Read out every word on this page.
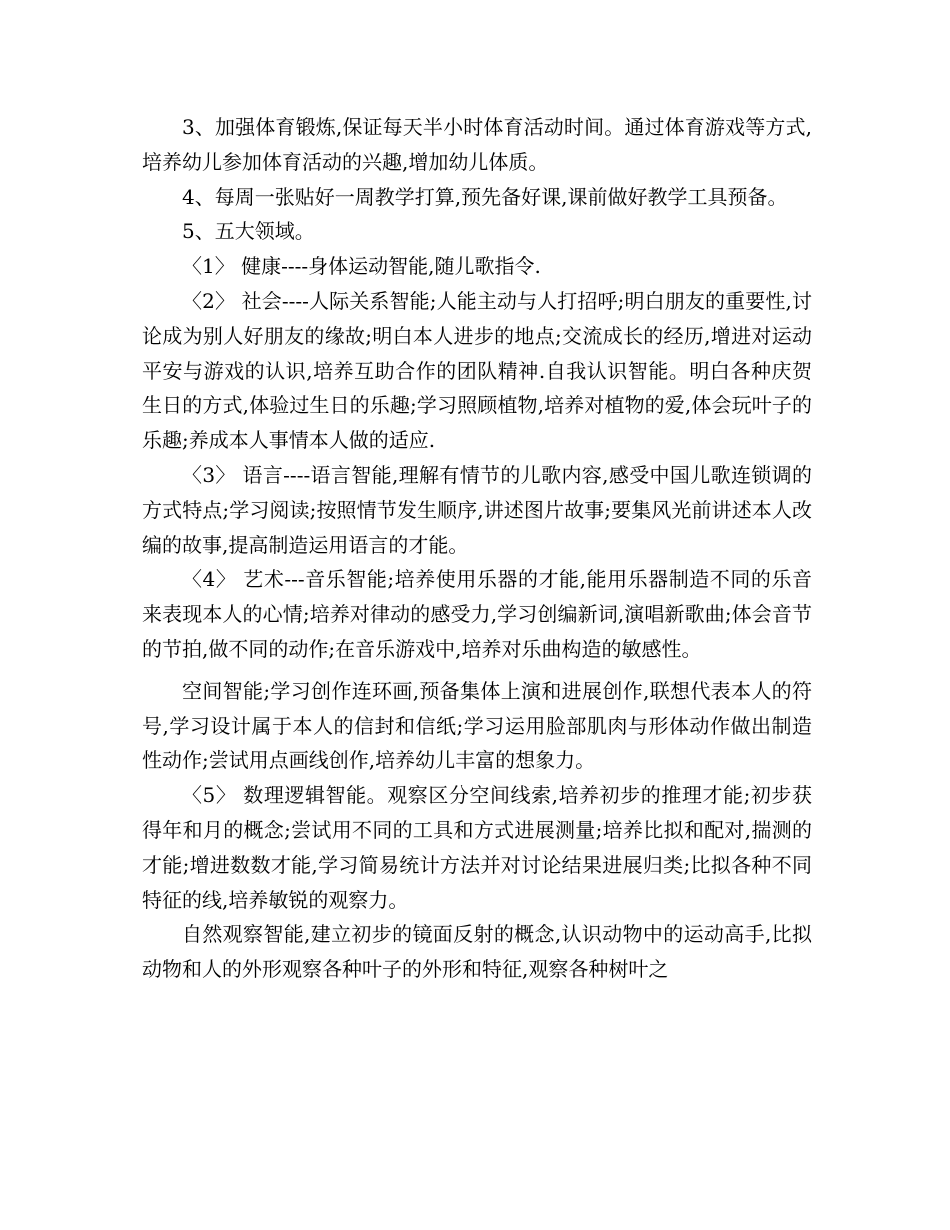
3、加强体育锻炼,保证每天半小时体育活动时间。通过体育游戏等方式,培养幼儿参加体育活动的兴趣,增加幼儿体质。

4、每周一张贴好一周教学打算,预先备好课,课前做好教学工具预备。

5、五大领域。

〈1〉 健康----身体运动智能,随儿歌指令.

〈2〉 社会----人际关系智能;人能主动与人打招呼;明白朋友的重要性,讨论成为别人好朋友的缘故;明白本人进步的地点;交流成长的经历,增进对运动平安与游戏的认识,培养互助合作的团队精神.自我认识智能。明白各种庆贺生日的方式,体验过生日的乐趣;学习照顾植物,培养对植物的爱,体会玩叶子的乐趣;养成本人事情本人做的适应.

〈3〉 语言----语言智能,理解有情节的儿歌内容,感受中国儿歌连锁调的方式特点;学习阅读;按照情节发生顺序,讲述图片故事;要集风光前讲述本人改编的故事,提高制造运用语言的才能。

〈4〉 艺术---音乐智能;培养使用乐器的才能,能用乐器制造不同的乐音来表现本人的心情;培养对律动的感受力,学习创编新词,演唱新歌曲;体会音节的节拍,做不同的动作;在音乐游戏中,培养对乐曲构造的敏感性。

空间智能;学习创作连环画,预备集体上演和进展创作,联想代表本人的符号,学习设计属于本人的信封和信纸;学习运用脸部肌肉与形体动作做出制造性动作;尝试用点画线创作,培养幼儿丰富的想象力。

〈5〉 数理逻辑智能。观察区分空间线索,培养初步的推理才能;初步获得年和月的概念;尝试用不同的工具和方式进展测量;培养比拟和配对,揣测的才能;增进数数才能,学习简易统计方法并对讨论结果进展归类;比拟各种不同特征的线,培养敏锐的观察力。

自然观察智能,建立初步的镜面反射的概念,认识动物中的运动高手,比拟动物和人的外形观察各种叶子的外形和特征,观察各种树叶之
